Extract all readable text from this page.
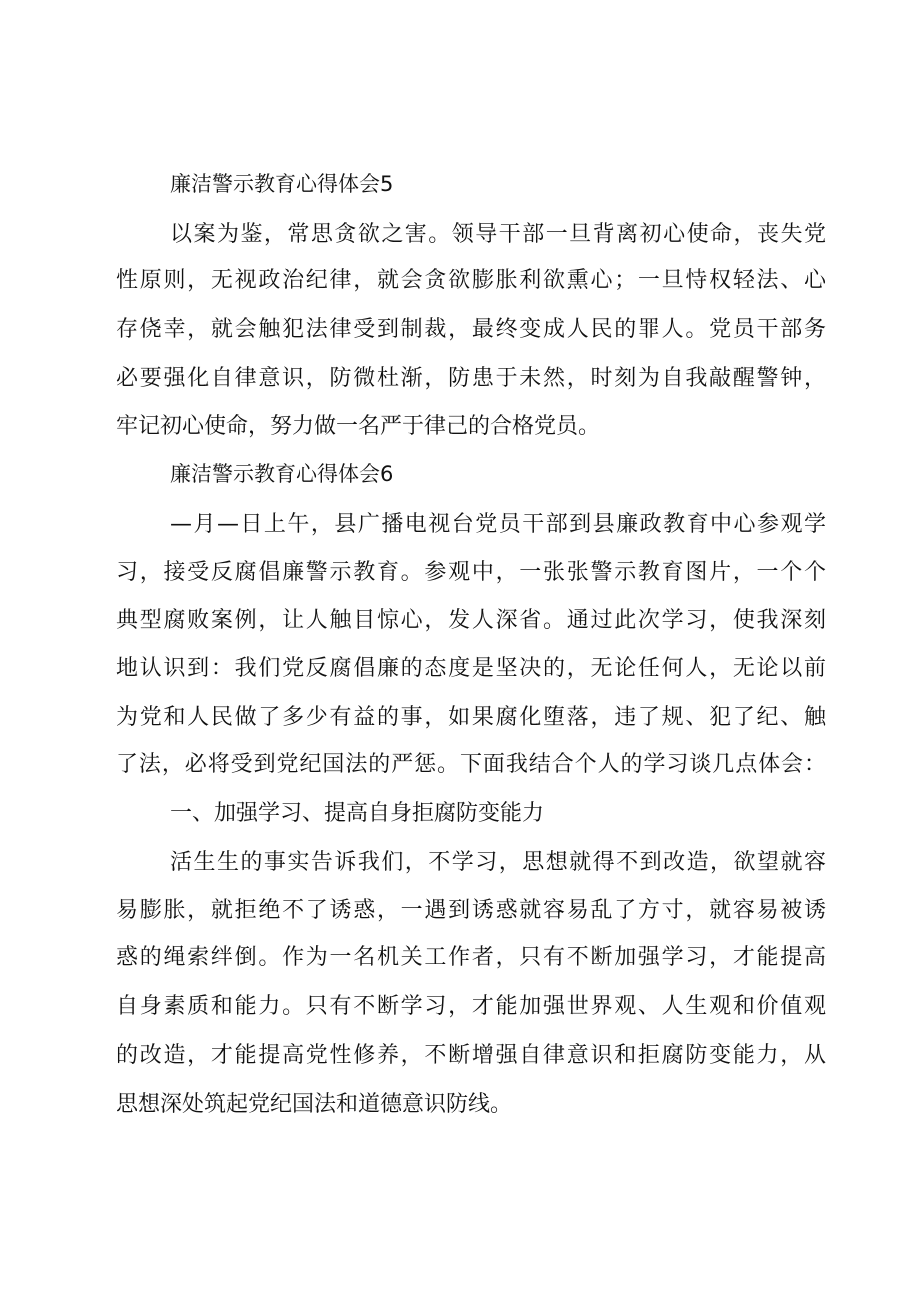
廉洁警示教育心得体会5
以案为鉴，常思贪欲之害。领导干部一旦背离初心使命，丧失党
性原则，无视政治纪律，就会贪欲膨胀利欲熏心；一旦恃权轻法、心
存侥幸，就会触犯法律受到制裁，最终变成人民的罪人。党员干部务
必要强化自律意识，防微杜渐，防患于未然，时刻为自我敲醒警钟，
牢记初心使命，努力做一名严于律己的合格党员。
廉洁警示教育心得体会6
—月—日上午，县广播电视台党员干部到县廉政教育中心参观学
习，接受反腐倡廉警示教育。参观中，一张张警示教育图片，一个个
典型腐败案例，让人触目惊心，发人深省。通过此次学习，使我深刻
地认识到：我们党反腐倡廉的态度是坚决的，无论任何人，无论以前
为党和人民做了多少有益的事，如果腐化堕落，违了规、犯了纪、触
了法，必将受到党纪国法的严惩。下面我结合个人的学习谈几点体会：
一、加强学习、提高自身拒腐防变能力
活生生的事实告诉我们，不学习，思想就得不到改造，欲望就容
易膨胀，就拒绝不了诱惑，一遇到诱惑就容易乱了方寸，就容易被诱
惑的绳索绊倒。作为一名机关工作者，只有不断加强学习，才能提高
自身素质和能力。只有不断学习，才能加强世界观、人生观和价值观
的改造，才能提高党性修养，不断增强自律意识和拒腐防变能力，从
思想深处筑起党纪国法和道德意识防线。
